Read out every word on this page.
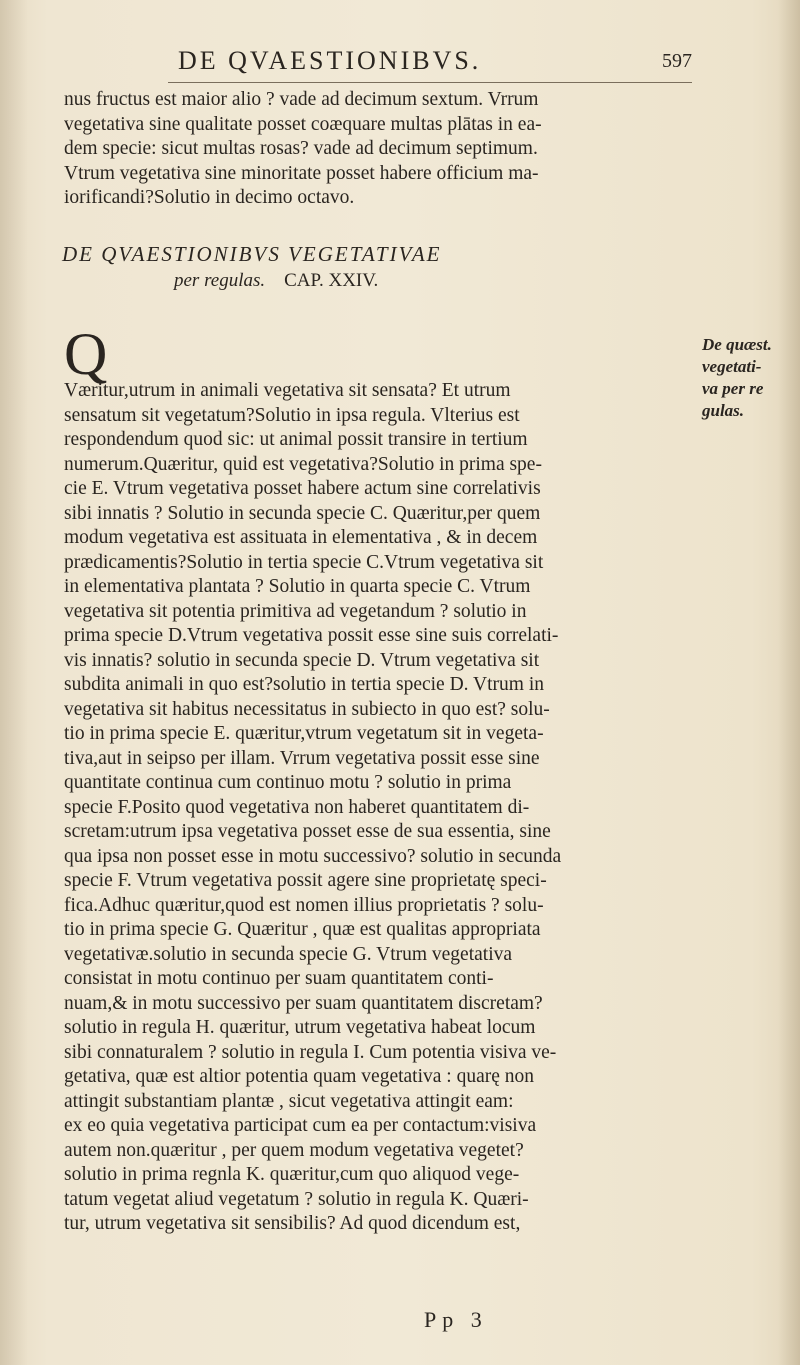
DE QVAESTIONIBVS.	597
nus fructus est maior alio ? vade ad decimum sextum. Vrrum
vegetativa sine qualitate posset coæquare multas plātas in ea-
dem specie: sicut multas rosas? vade ad decimum septimum.
Vtrum vegetativa sine minoritate posset habere officium ma-
iorificandi?Solutio in decimo octavo.
DE QVAESTIONIBVS VEGETATIVAE
per regulas. CAP. XXIV.
De quæst.
vegetati-
va per re
gulas.
Q
Væritur,utrum in animali vegetativa sit sensata? Et utrum
sensatum sit vegetatum?Solutio in ipsa regula. Vlterius est
respondendum quod sic: ut animal possit transire in tertium
numerum.Quæritur, quid est vegetativa?Solutio in prima spe-
cie E. Vtrum vegetativa posset habere actum sine correlativis
sibi innatis ? Solutio in secunda specie C. Quæritur,per quem
modum vegetativa est assituata in elementativa , & in decem
prædicamentis?Solutio in tertia specie C.Vtrum vegetativa sit
in elementativa plantata ? Solutio in quarta specie C. Vtrum
vegetativa sit potentia primitiva ad vegetandum ? solutio in
prima specie D.Vtrum vegetativa possit esse sine suis correlati-
vis innatis? solutio in secunda specie D. Vtrum vegetativa sit
subdita animali in quo est?solutio in tertia specie D. Vtrum in
vegetativa sit habitus necessitatus in subiecto in quo est? solu-
tio in prima specie E. quæritur,vtrum vegetatum sit in vegeta-
tiva,aut in seipso per illam. Vrrum vegetativa possit esse sine
quantitate continua cum continuo motu ? solutio in prima
specie F.Posito quod vegetativa non haberet quantitatem di-
scretam:utrum ipsa vegetativa posset esse de sua essentia, sine
qua ipsa non posset esse in motu successivo? solutio in secunda
specie F. Vtrum vegetativa possit agere sine proprietatę speci-
fica.Adhuc quæritur,quod est nomen illius proprietatis ? solu-
tio in prima specie G. Quæritur , quæ est qualitas appropriata
vegetativæ.solutio in secunda specie G. Vtrum vegetativa
consistat in motu continuo per suam quantitatem conti-
nuam,& in motu successivo per suam quantitatem discretam?
solutio in regula H. quæritur, utrum vegetativa habeat locum
sibi connaturalem ? solutio in regula I. Cum potentia visiva ve-
getativa, quæ est altior potentia quam vegetativa : quarę non
attingit substantiam plantæ , sicut vegetativa attingit eam:
ex eo quia vegetativa participat cum ea per contactum:visiva
autem non.quæritur , per quem modum vegetativa vegetet?
solutio in prima regnla K. quæritur,cum quo aliquod vege-
tatum vegetat aliud vegetatum ? solutio in regula K. Quæri-
tur, utrum vegetativa sit sensibilis? Ad quod dicendum est,
Pp 3
